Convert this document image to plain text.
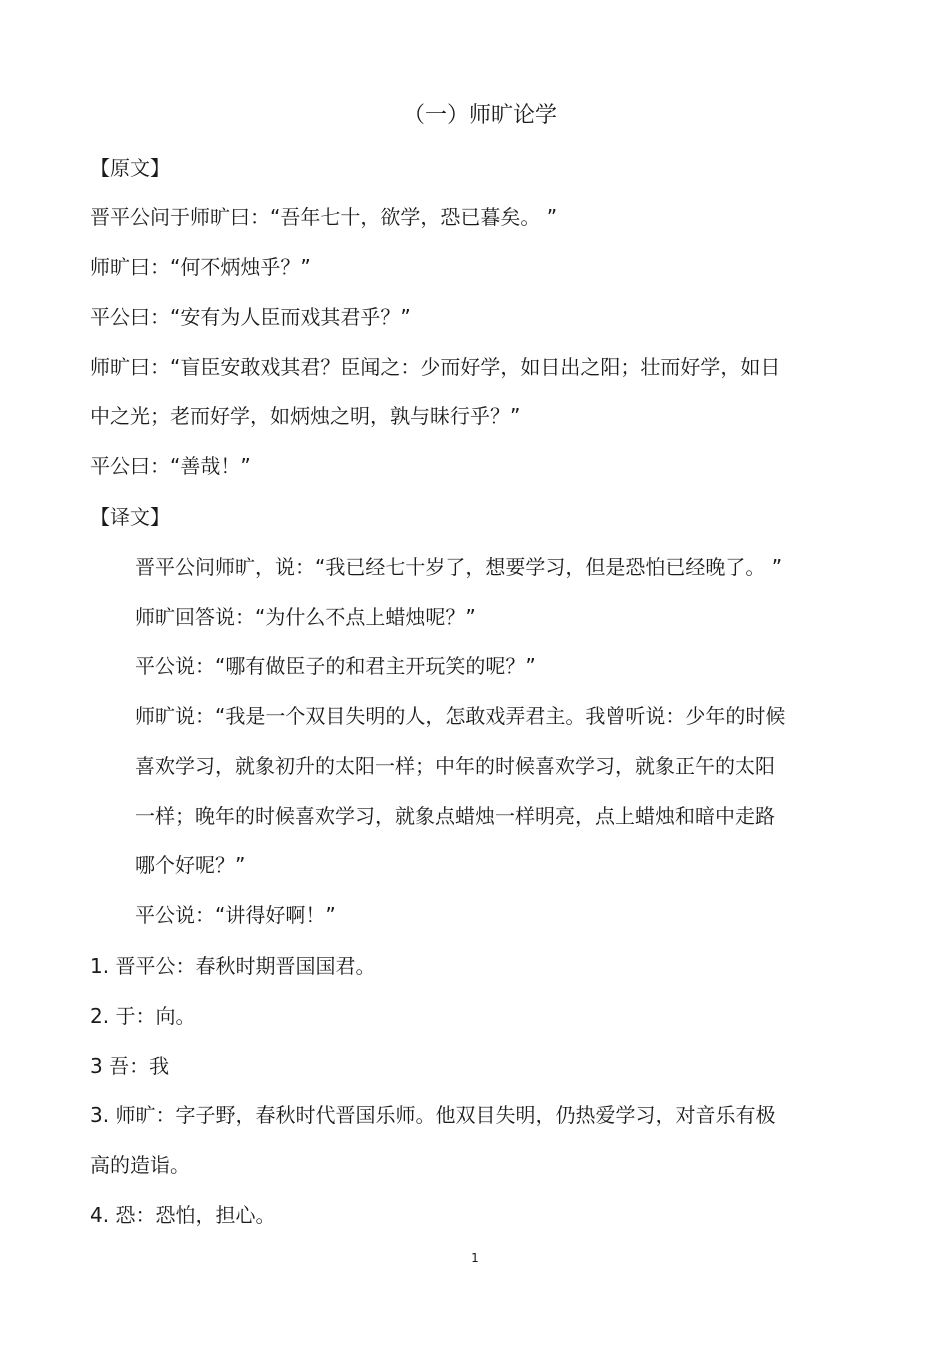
（一）师旷论学
【原文】
晋平公问于师旷曰：“吾年七十，欲学，恐已暮矣。 ”
师旷曰：“何不炳烛乎？”
平公曰：“安有为人臣而戏其君乎？”
师旷曰：“盲臣安敢戏其君？臣闻之：少而好学，如日出之阳；壮而好学，如日
中之光；老而好学，如炳烛之明，孰与昧行乎？”
平公曰：“善哉！”
【译文】
晋平公问师旷，说：“我已经七十岁了，想要学习，但是恐怕已经晚了。 ”
师旷回答说：“为什么不点上蜡烛呢？”
平公说：“哪有做臣子的和君主开玩笑的呢？”
师旷说：“我是一个双目失明的人，怎敢戏弄君主。我曾听说：少年的时候
喜欢学习，就象初升的太阳一样；中年的时候喜欢学习，就象正午的太阳
一样；晚年的时候喜欢学习，就象点蜡烛一样明亮，点上蜡烛和暗中走路
哪个好呢？”
平公说：“讲得好啊！”
1. 晋平公：春秋时期晋国国君。
2. 于：向。
3 吾：我
3. 师旷：字子野，春秋时代晋国乐师。他双目失明，仍热爱学习，对音乐有极
高的造诣。
4. 恐：恐怕，担心。
1
